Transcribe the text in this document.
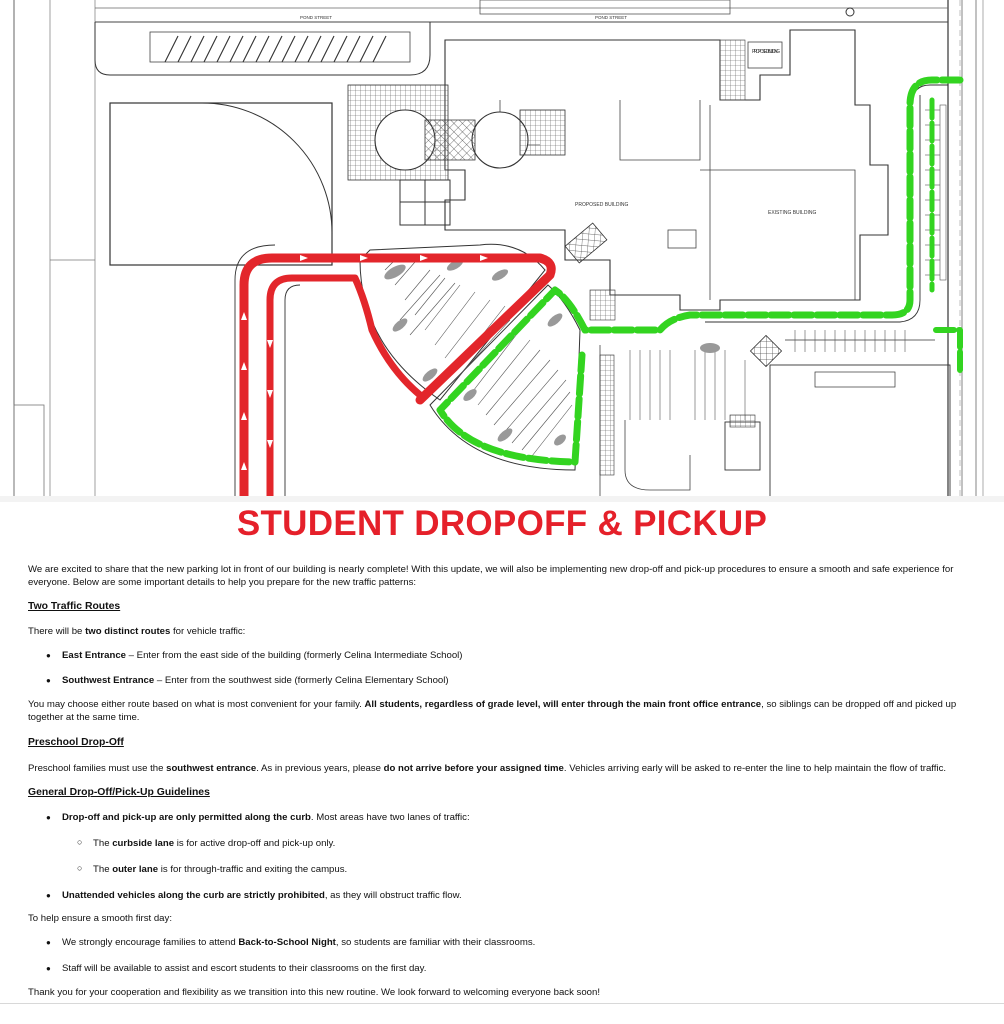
POND STREET	POND STREET
PROPOSED BUILDING
PROPOSED BUILDING
EXISTING BUILDING
STUDENT DROPOFF & PICKUP
We are excited to share that the new parking lot in front of our building is nearly complete! With this update, we will also be implementing new drop-off and pick-up procedures to ensure a smooth and safe experience for everyone. Below are some important details to help you prepare for the new traffic patterns:
Two Traffic Routes
There will be two distinct routes for vehicle traffic:
● East Entrance – Enter from the east side of the building (formerly Celina Intermediate School)
● Southwest Entrance – Enter from the southwest side (formerly Celina Elementary School)
You may choose either route based on what is most convenient for your family. All students, regardless of grade level, will enter through the main front office entrance, so siblings can be dropped off and picked up together at the same time.
Preschool Drop-Off
Preschool families must use the southwest entrance. As in previous years, please do not arrive before your assigned time. Vehicles arriving early will be asked to re-enter the line to help maintain the flow of traffic.
General Drop-Off/Pick-Up Guidelines
● Drop-off and pick-up are only permitted along the curb. Most areas have two lanes of traffic:
○ The curbside lane is for active drop-off and pick-up only.
○ The outer lane is for through-traffic and exiting the campus.
● Unattended vehicles along the curb are strictly prohibited, as they will obstruct traffic flow.
To help ensure a smooth first day:
● We strongly encourage families to attend Back-to-School Night, so students are familiar with their classrooms.
● Staff will be available to assist and escort students to their classrooms on the first day.
Thank you for your cooperation and flexibility as we transition into this new routine. We look forward to welcoming everyone back soon!
